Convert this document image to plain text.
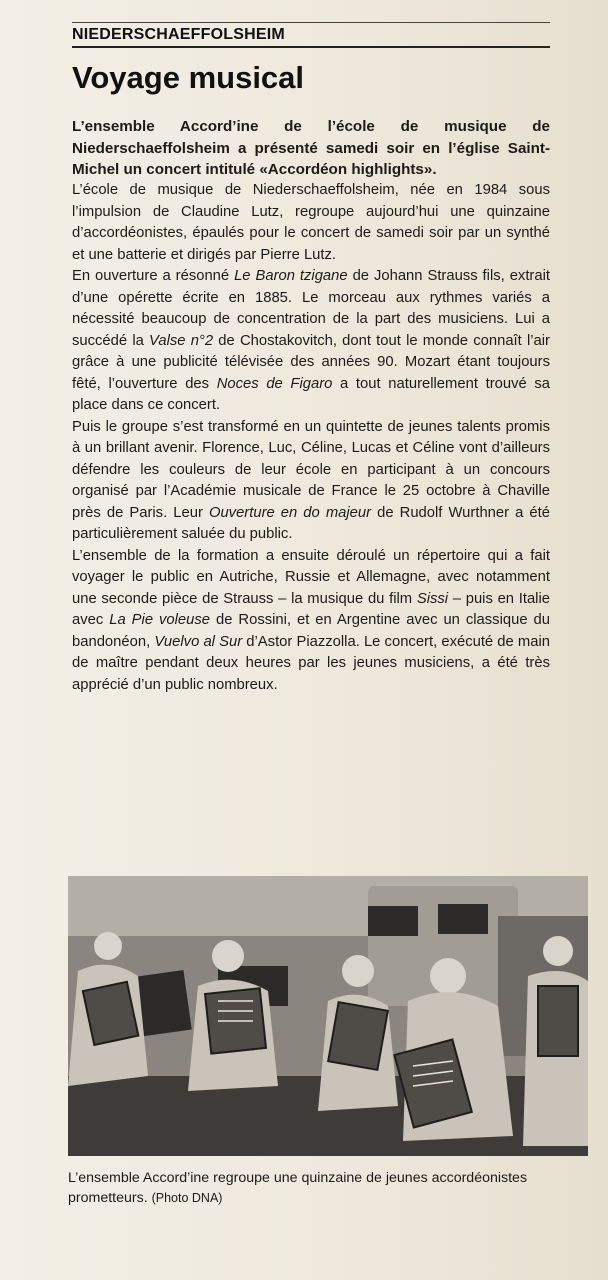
NIEDERSCHAEFFOLSHEIM
Voyage musical
L’ensemble Accord’ine de l’école de musique de Niederschaeffolsheim a présenté samedi soir en l’église Saint-Michel un concert intitulé «Accordéon highlights».

L’école de musique de Niederschaeffolsheim, née en 1984 sous l’impulsion de Claudine Lutz, regroupe aujourd’hui une quinzaine d’accordéonistes, épaulés pour le concert de samedi soir par un synthé et une batterie et dirigés par Pierre Lutz.

En ouverture a résonné Le Baron tzigane de Johann Strauss fils, extrait d’une opérette écrite en 1885. Le morceau aux rythmes variés a nécessité beaucoup de concentration de la part des musiciens. Lui a succédé la Valse n°2 de Chostakovitch, dont tout le monde connaît l’air grâce à une publicité télévisée des années 90. Mozart étant toujours fêté, l’ouverture des Noces de Figaro a tout naturellement trouvé sa place dans ce concert.

Puis le groupe s’est transformé en un quintette de jeunes talents promis à un brillant avenir. Florence, Luc, Céline, Lucas et Céline vont d’ailleurs défendre les couleurs de leur école en participant à un concours organisé par l’Académie musicale de France le 25 octobre à Chaville près de Paris. Leur Ouverture en do majeur de Rudolf Wurthner a été particulièrement saluée du public.

L’ensemble de la formation a ensuite déroulé un répertoire qui a fait voyager le public en Autriche, Russie et Allemagne, avec notamment une seconde pièce de Strauss – la musique du film Sissi – puis en Italie avec La Pie voleuse de Rossini, et en Argentine avec un classique du bandonéon, Vuelvo al Sur d’Astor Piazzolla. Le concert, exécuté de main de maître pendant deux heures par les jeunes musiciens, a été très apprécié d’un public nombreux.

L’ensemble Accord’ine regroupe une quinzaine de jeunes accordéonistes prometteurs. (Photo DNA)
